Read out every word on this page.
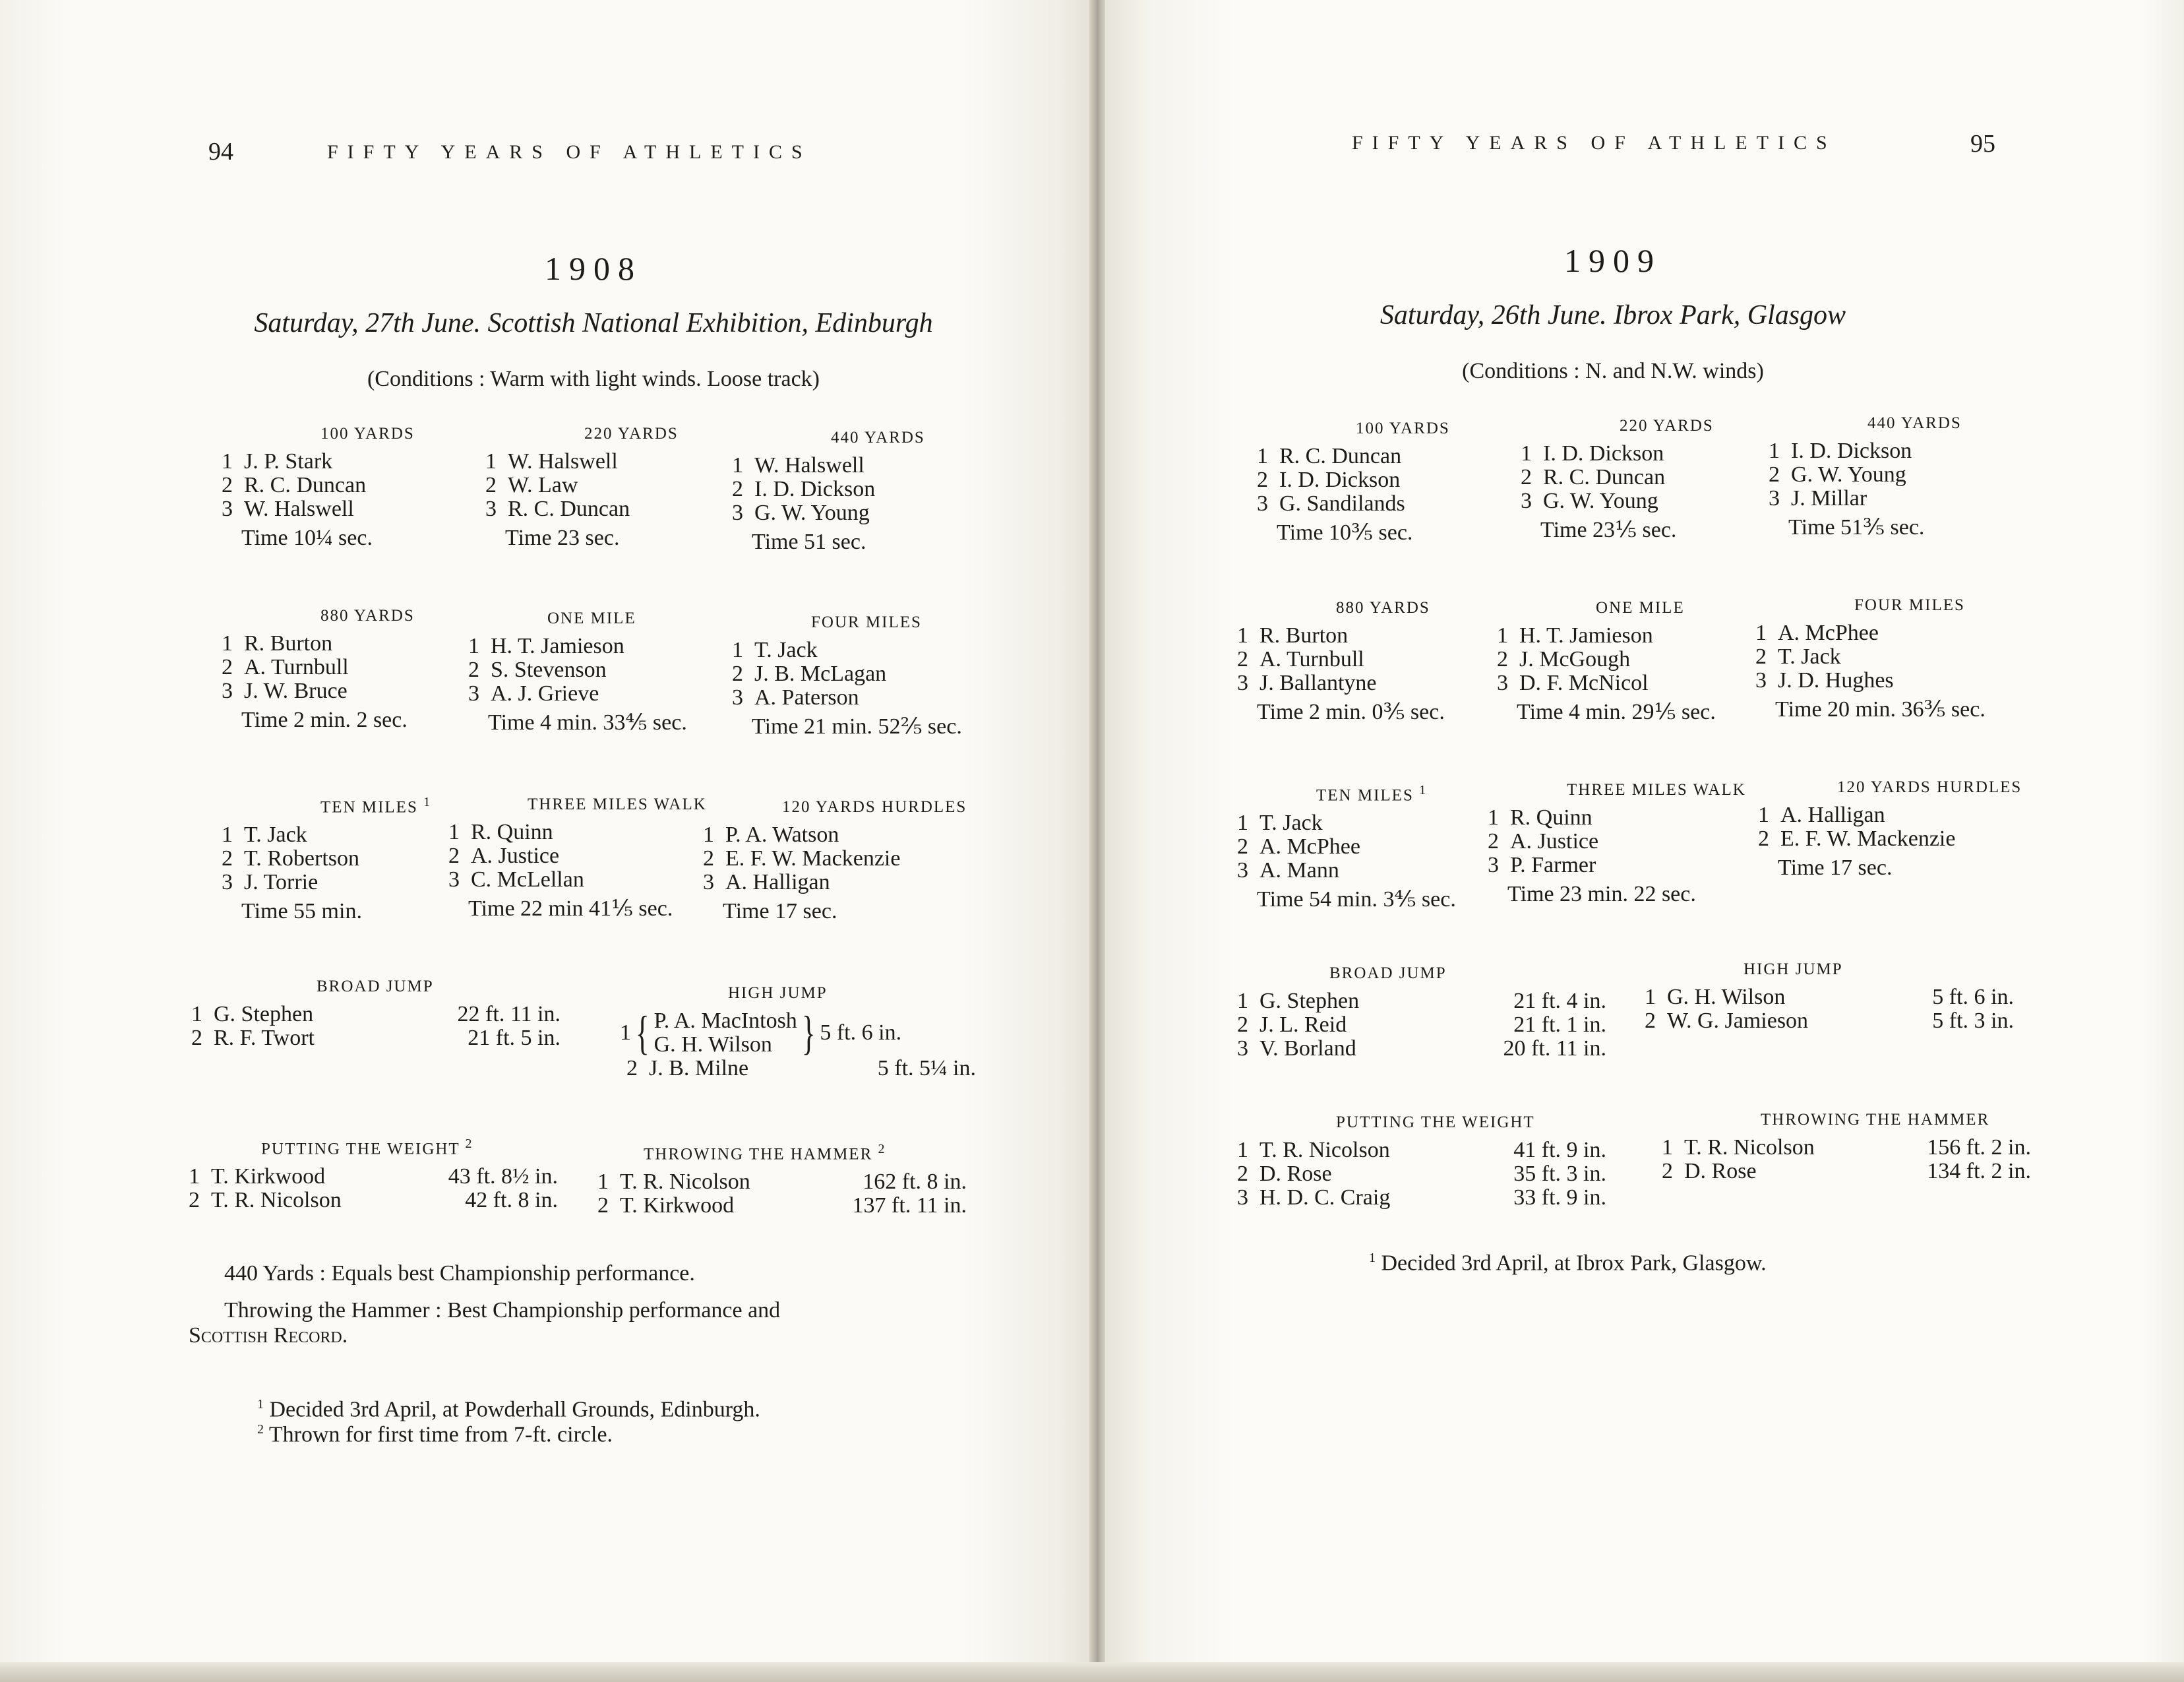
94	FIFTY YEARS OF ATHLETICS
1908
Saturday, 27th June. Scottish National Exhibition, Edinburgh
(Conditions : Warm with light winds. Loose track)
100 YARDS
1 J. P. Stark
2 R. C. Duncan
3 W. Halswell
Time 10¼ sec.
220 YARDS
1 W. Halswell
2 W. Law
3 R. C. Duncan
Time 23 sec.
440 YARDS
1 W. Halswell
2 I. D. Dickson
3 G. W. Young
Time 51 sec.
880 YARDS
1 R. Burton
2 A. Turnbull
3 J. W. Bruce
Time 2 min. 2 sec.
ONE MILE
1 H. T. Jamieson
2 S. Stevenson
3 A. J. Grieve
Time 4 min. 33⅘ sec.
FOUR MILES
1 T. Jack
2 J. B. McLagan
3 A. Paterson
Time 21 min. 52⅖ sec.
TEN MILES $^1$
1 T. Jack
2 T. Robertson
3 J. Torrie
Time 55 min.
THREE MILES WALK
1 R. Quinn
2 A. Justice
3 C. McLellan
Time 22 min 41⅕ sec.
120 YARDS HURDLES
1 P. A. Watson
2 E. F. W. Mackenzie
3 A. Halligan
Time 17 sec.
BROAD JUMP
1 G. Stephen	22 ft. 11 in.
2 R. F. Twort	21 ft. 5 in.
PUTTING THE WEIGHT $^2$
1 T. Kirkwood	43 ft. 8½ in.
2 T. R. Nicolson	42 ft. 8 in.
THROWING THE HAMMER $^2$
1 T. R. Nicolson	162 ft. 8 in.
2 T. Kirkwood	137 ft. 11 in.
HIGH JUMP
1 { P. A. MacIntosh
G. H. Wilson } 5 ft. 6 in.
2 J. B. Milne	5 ft. 5¼ in.
440 Yards : Equals best Championship performance.
Throwing the Hammer : Best Championship performance and
Scottish Record.
$^1$ Decided 3rd April, at Powderhall Grounds, Edinburgh.
$^2$ Thrown for first time from 7-ft. circle.
FIFTY YEARS OF ATHLETICS	95
1909
Saturday, 26th June. Ibrox Park, Glasgow
(Conditions : N. and N.W. winds)
100 YARDS
1 R. C. Duncan
2 I. D. Dickson
3 G. Sandilands
Time 10⅗ sec.
220 YARDS
1 I. D. Dickson
2 R. C. Duncan
3 G. W. Young
Time 23⅕ sec.
440 YARDS
1 I. D. Dickson
2 G. W. Young
3 J. Millar
Time 51⅗ sec.
880 YARDS
1 R. Burton
2 A. Turnbull
3 J. Ballantyne
Time 2 min. 0⅗ sec.
ONE MILE
1 H. T. Jamieson
2 J. McGough
3 D. F. McNicol
Time 4 min. 29⅕ sec.
FOUR MILES
1 A. McPhee
2 T. Jack
3 J. D. Hughes
Time 20 min. 36⅗ sec.
TEN MILES $^1$
1 T. Jack
2 A. McPhee
3 A. Mann
Time 54 min. 3⅘ sec.
THREE MILES WALK
1 R. Quinn
2 A. Justice
3 P. Farmer
Time 23 min. 22 sec.
120 YARDS HURDLES
1 A. Halligan
2 E. F. W. Mackenzie
Time 17 sec.
BROAD JUMP
1 G. Stephen	21 ft. 4 in.
2 J. L. Reid	21 ft. 1 in.
3 V. Borland	20 ft. 11 in.
HIGH JUMP
1 G. H. Wilson	5 ft. 6 in.
2 W. G. Jamieson	5 ft. 3 in.
PUTTING THE WEIGHT
1 T. R. Nicolson	41 ft. 9 in.
2 D. Rose	35 ft. 3 in.
3 H. D. C. Craig	33 ft. 9 in.
THROWING THE HAMMER
1 T. R. Nicolson	156 ft. 2 in.
2 D. Rose	134 ft. 2 in.
$^1$ Decided 3rd April, at Ibrox Park, Glasgow.
